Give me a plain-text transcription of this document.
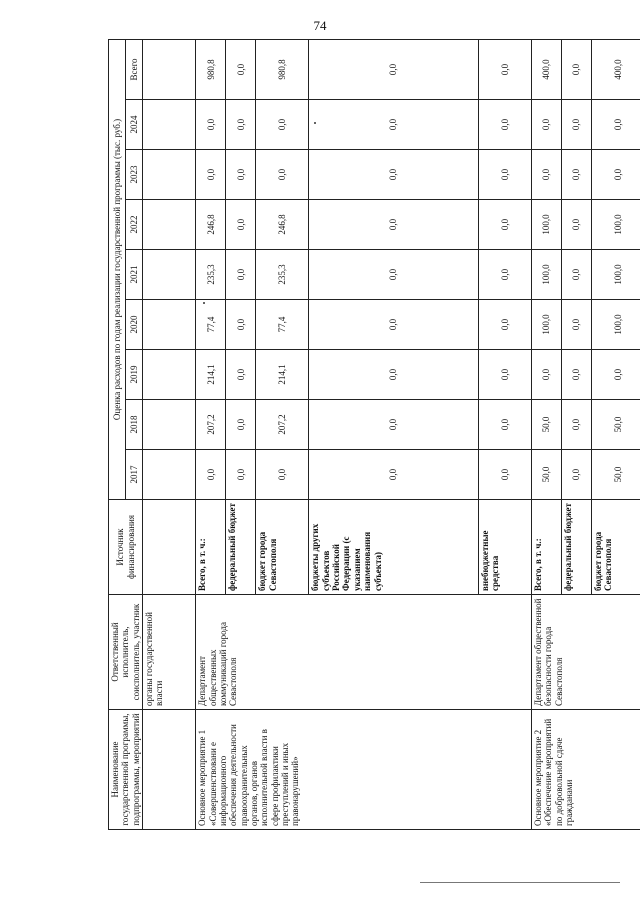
74
Наименование государственной программы, подпрограммы, мероприятий	Ответственный исполнитель, соисполнитель, участник	Источник финансирования	Оценка расходов по годам реализации государственной программы (тыс. руб.)								
			2017	2018	2019	2020	2021	2022	2023	2024	Всего
	органы государственной власти										
Основное мероприятие 1 «Совершенствовани е информационного обеспечения деятельности правоохранительных органов, органов исполнительной власти в сфере профилактики преступлений и иных правонарушений»	Департамент общественных коммуникаций города Севастополя	Всего, в т. ч.:	0,0	207,2	214,1	77,4	235,3	246,8	0,0	0,0	980,8
		федеральный бюджет	0,0	0,0	0,0	0,0	0,0	0,0	0,0	0,0	0,0
		бюджет города Севастополя	0,0	207,2	214,1	77,4	235,3	246,8	0,0	0,0	980,8
		бюджеты других субъектов Российской Федерации (с указанием наименования субъекта)	0,0	0,0	0,0	0,0	0,0	0,0	0,0	0,0	0,0
		внебюджетные средства	0,0	0,0	0,0	0,0	0,0	0,0	0,0	0,0	0,0
Основное мероприятие 2 «Обеспечение мероприятий по добровольной сдаче гражданами	Департамент общественной безопасности города Севастополя	Всего, в т. ч.:	50,0	50,0	0,0	100,0	100,0	100,0	0,0	0,0	400,0
		федеральный бюджет	0,0	0,0	0,0	0,0	0,0	0,0	0,0	0,0	0,0
		бюджет города Севастополя	50,0	50,0	0,0	100,0	100,0	100,0	0,0	0,0	400,0
